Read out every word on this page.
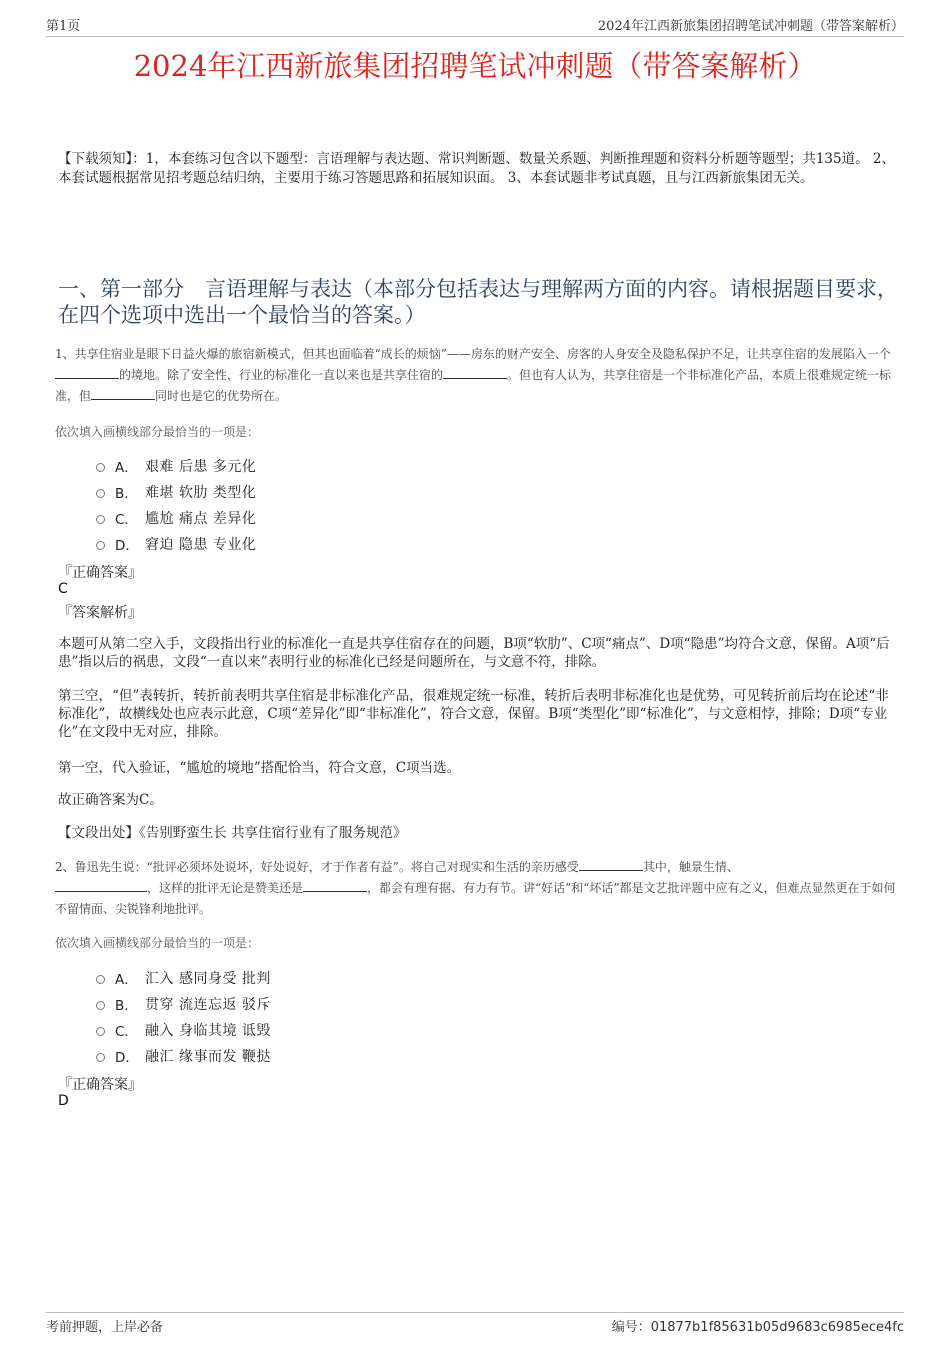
第1页	2024年江西新旅集团招聘笔试冲刺题（带答案解析）
2024年江西新旅集团招聘笔试冲刺题（带答案解析）
【下载须知】：1，本套练习包含以下题型：言语理解与表达题、常识判断题、数量关系题、判断推理题和资料分析题等题型；共135道。 2、本套试题根据常见招考题总结归纳，主要用于练习答题思路和拓展知识面。 3、本套试题非考试真题，且与江西新旅集团无关。
一、第一部分　言语理解与表达（本部分包括表达与理解两方面的内容。请根据题目要求，在四个选项中选出一个最恰当的答案。）
1、共享住宿业是眼下日益火爆的旅宿新模式，但其也面临着“成长的烦恼”——房东的财产安全、房客的人身安全及隐私保护不足，让共享住宿的发展陷入一个的境地。除了安全性，行业的标准化一直以来也是共享住宿的	。但也有人认为，共享住宿是一个非标准化产品，本质上很难规定统一标准，但	同时也是它的优势所在。
依次填入画横线部分最恰当的一项是：
A． 艰难 后患 多元化
B． 难堪 软肋 类型化
C． 尴尬 痛点 差异化
D． 窘迫 隐患 专业化
『正确答案』
C
『答案解析』
本题可从第二空入手，文段指出行业的标准化一直是共享住宿存在的问题，B项“软肋”、C项“痛点”、D项“隐患”均符合文意，保留。A项“后患”指以后的祸患，文段“一直以来”表明行业的标准化已经是问题所在，与文意不符，排除。
第三空，“但”表转折，转折前表明共享住宿是非标准化产品，很难规定统一标准，转折后表明非标准化也是优势，可见转折前后均在论述“非标准化”，故横线处也应表示此意，C项“差异化”即“非标准化”，符合文意，保留。B项“类型化”即“标准化”，与文意相悖，排除；D项“专业化”在文段中无对应，排除。
第一空，代入验证，“尴尬的境地”搭配恰当，符合文意，C项当选。
故正确答案为C。
【文段出处】《告别野蛮生长 共享住宿行业有了服务规范》
2、鲁迅先生说：“批评必须坏处说坏，好处说好，才于作者有益”。将自己对现实和生活的亲历感受	其中，触景生情、
，这样的批评无论是赞美还是	，都会有理有据、有力有节。讲“好话”和“坏话”都是文艺批评题中应有之义，但难点显然更在于如何不留情面、尖锐锋利地批评。
依次填入画横线部分最恰当的一项是：
A． 汇入 感同身受 批判
B． 贯穿 流连忘返 驳斥
C． 融入 身临其境 诋毁
D． 融汇 缘事而发 鞭挞
『正确答案』
D
考前押题，上岸必备	编号：01877b1f85631b05d9683c6985ece4fc
